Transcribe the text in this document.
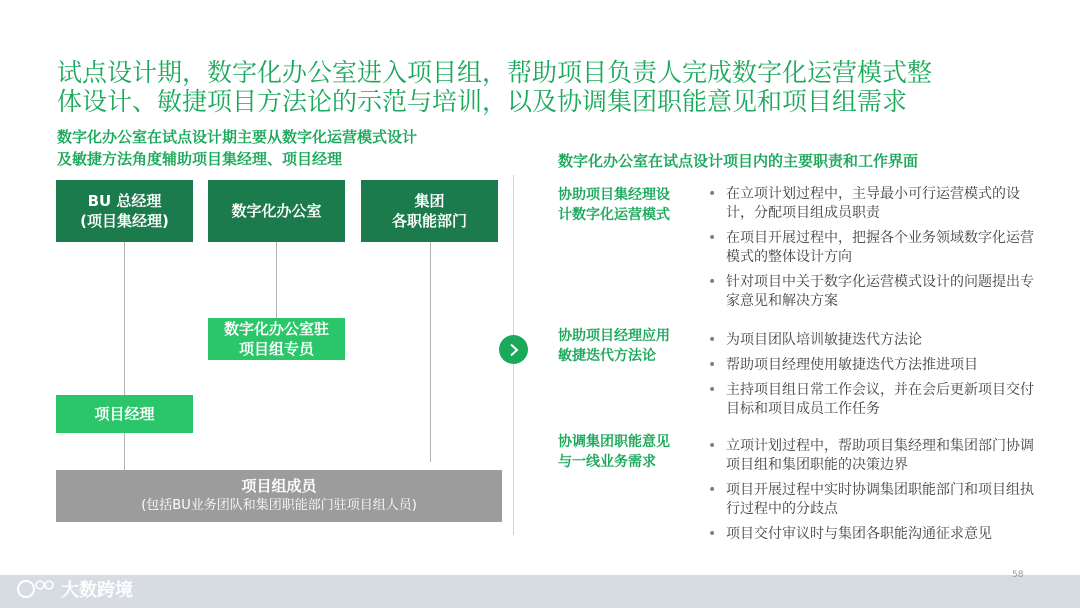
试点设计期，数字化办公室进入项目组，帮助项目负责人完成数字化运营模式整
体设计、敏捷项目方法论的示范与培训，以及协调集团职能意见和项目组需求
数字化办公室在试点设计期主要从数字化运营模式设计
及敏捷方法角度辅助项目集经理、项目经理
BU 总经理
(项目集经理)
数字化办公室
集团
各职能部门
数字化办公室驻
项目组专员
项目经理
项目组成员
(包括BU业务团队和集团职能部门驻项目组人员)
数字化办公室在试点设计项目内的主要职责和工作界面
协助项目集经理设
计数字化运营模式
• 在立项计划过程中，主导最小可行运营模式的设计，分配项目组成员职责
• 在项目开展过程中，把握各个业务领域数字化运营模式的整体设计方向
• 针对项目中关于数字化运营模式设计的问题提出专家意见和解决方案
协助项目经理应用
敏捷迭代方法论
• 为项目团队培训敏捷迭代方法论
• 帮助项目经理使用敏捷迭代方法推进项目
• 主持项目组日常工作会议，并在会后更新项目交付目标和项目成员工作任务
协调集团职能意见
与一线业务需求
• 立项计划过程中，帮助项目集经理和集团部门协调项目组和集团职能的决策边界
• 项目开展过程中实时协调集团职能部门和项目组执行过程中的分歧点
• 项目交付审议时与集团各职能沟通征求意见
58
大数跨境
